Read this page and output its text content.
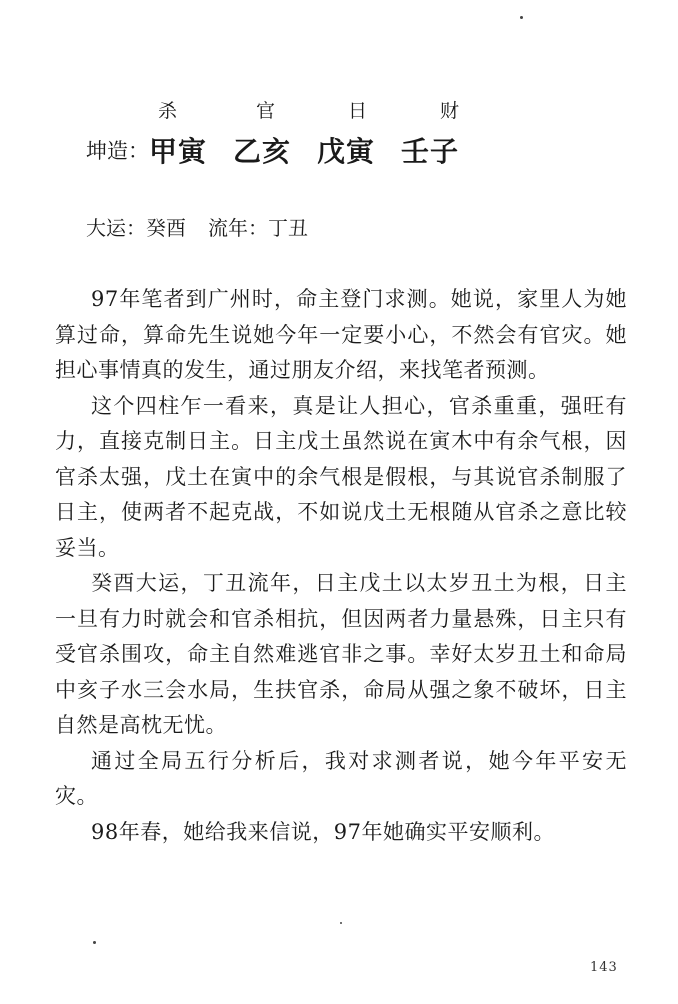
杀	官	日	财
坤造：甲寅 乙亥 戊寅 壬子
大运：癸酉 流年：丁丑

97年笔者到广州时，命主登门求测。她说，家里人为她算过命，算命先生说她今年一定要小心，不然会有官灾。她担心事情真的发生，通过朋友介绍，来找笔者预测。

这个四柱乍一看来，真是让人担心，官杀重重，强旺有力，直接克制日主。日主戊土虽然说在寅木中有余气根，因官杀太强，戊土在寅中的余气根是假根，与其说官杀制服了日主，使两者不起克战，不如说戊土无根随从官杀之意比较妥当。

癸酉大运，丁丑流年，日主戊土以太岁丑土为根，日主一旦有力时就会和官杀相抗，但因两者力量悬殊，日主只有受官杀围攻，命主自然难逃官非之事。幸好太岁丑土和命局中亥子水三会水局，生扶官杀，命局从强之象不破坏，日主自然是高枕无忧。

通过全局五行分析后，我对求测者说，她今年平安无灾。

98年春，她给我来信说，97年她确实平安顺利。

143
